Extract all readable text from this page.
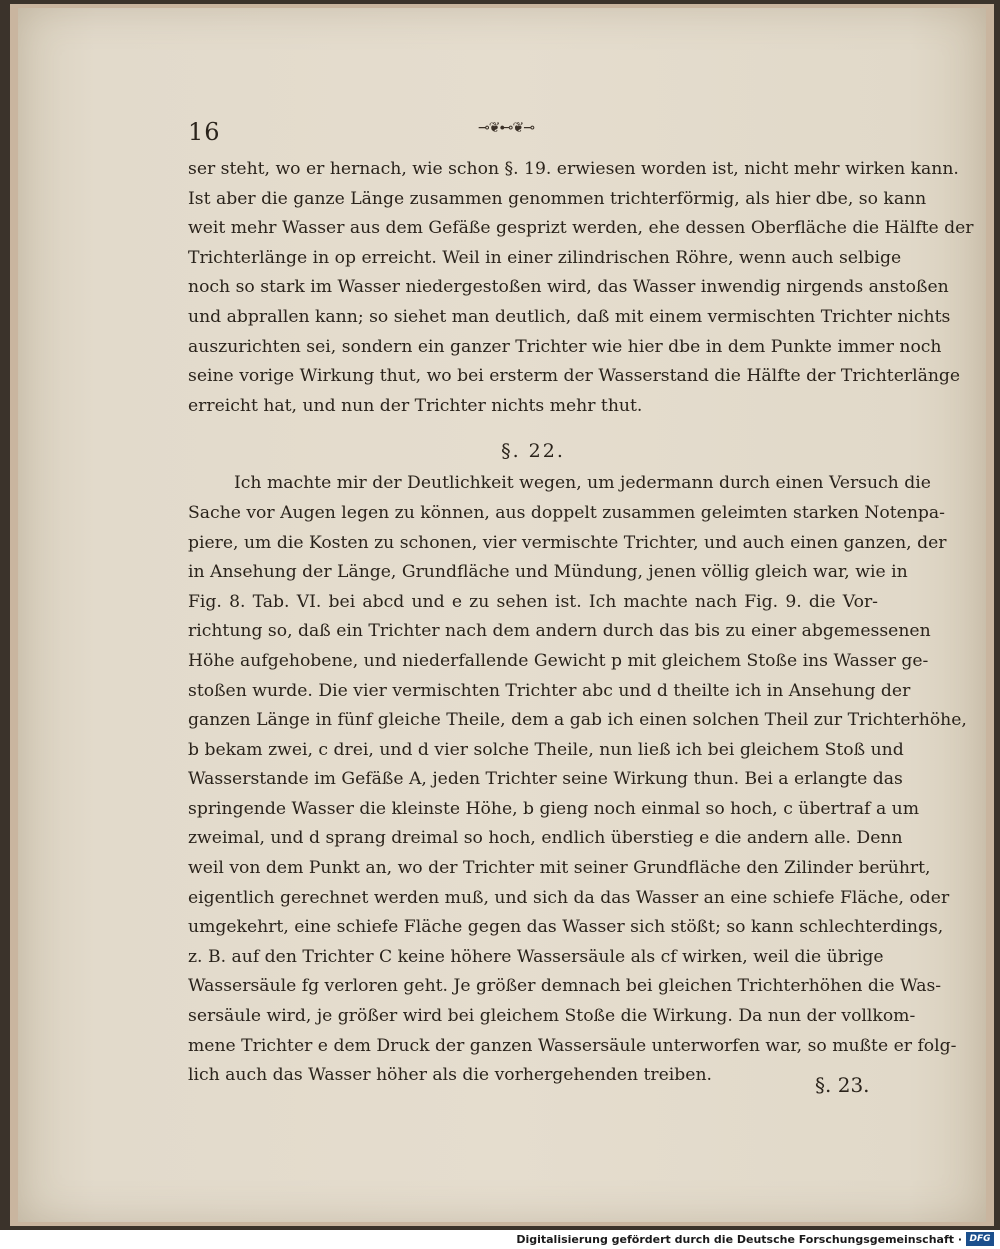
16	⊸❦⊷❦⊸
ser steht, wo er hernach, wie schon §. 19. erwiesen worden ist, nicht mehr wirken kann.
Ist aber die ganze Länge zusammen genommen trichterförmig, als hier dbe, so kann
weit mehr Wasser aus dem Gefäße gesprizt werden, ehe dessen Oberfläche die Hälfte der
Trichterlänge in op erreicht. Weil in einer zilindrischen Röhre, wenn auch selbige
noch so stark im Wasser niedergestoßen wird, das Wasser inwendig nirgends anstoßen
und abprallen kann; so siehet man deutlich, daß mit einem vermischten Trichter nichts
auszurichten sei, sondern ein ganzer Trichter wie hier dbe in dem Punkte immer noch
seine vorige Wirkung thut, wo bei ersterm der Wasserstand die Hälfte der Trichterlänge
erreicht hat, und nun der Trichter nichts mehr thut.
§. 22.
Ich machte mir der Deutlichkeit wegen, um jedermann durch einen Versuch die
Sache vor Augen legen zu können, aus doppelt zusammen geleimten starken Notenpa-
piere, um die Kosten zu schonen, vier vermischte Trichter, und auch einen ganzen, der
in Ansehung der Länge, Grundfläche und Mündung, jenen völlig gleich war, wie in
Fig. 8. Tab. VI. bei abcd und e zu sehen ist. Ich machte nach Fig. 9. die Vor-
richtung so, daß ein Trichter nach dem andern durch das bis zu einer abgemessenen
Höhe aufgehobene, und niederfallende Gewicht p mit gleichem Stoße ins Wasser ge-
stoßen wurde. Die vier vermischten Trichter abc und d theilte ich in Ansehung der
ganzen Länge in fünf gleiche Theile, dem a gab ich einen solchen Theil zur Trichterhöhe,
b bekam zwei, c drei, und d vier solche Theile, nun ließ ich bei gleichem Stoß und
Wasserstande im Gefäße A, jeden Trichter seine Wirkung thun. Bei a erlangte das
springende Wasser die kleinste Höhe, b gieng noch einmal so hoch, c übertraf a um
zweimal, und d sprang dreimal so hoch, endlich überstieg e die andern alle. Denn
weil von dem Punkt an, wo der Trichter mit seiner Grundfläche den Zilinder berührt,
eigentlich gerechnet werden muß, und sich da das Wasser an eine schiefe Fläche, oder
umgekehrt, eine schiefe Fläche gegen das Wasser sich stößt; so kann schlechterdings,
z. B. auf den Trichter C keine höhere Wassersäule als cf wirken, weil die übrige
Wassersäule fg verloren geht. Je größer demnach bei gleichen Trichterhöhen die Was-
sersäule wird, je größer wird bei gleichem Stoße die Wirkung. Da nun der vollkom-
mene Trichter e dem Druck der ganzen Wassersäule unterworfen war, so mußte er folg-
lich auch das Wasser höher als die vorhergehenden treiben.	§. 23.
Digitalisierung gefördert durch die Deutsche Forschungsgemeinschaft · DFG
